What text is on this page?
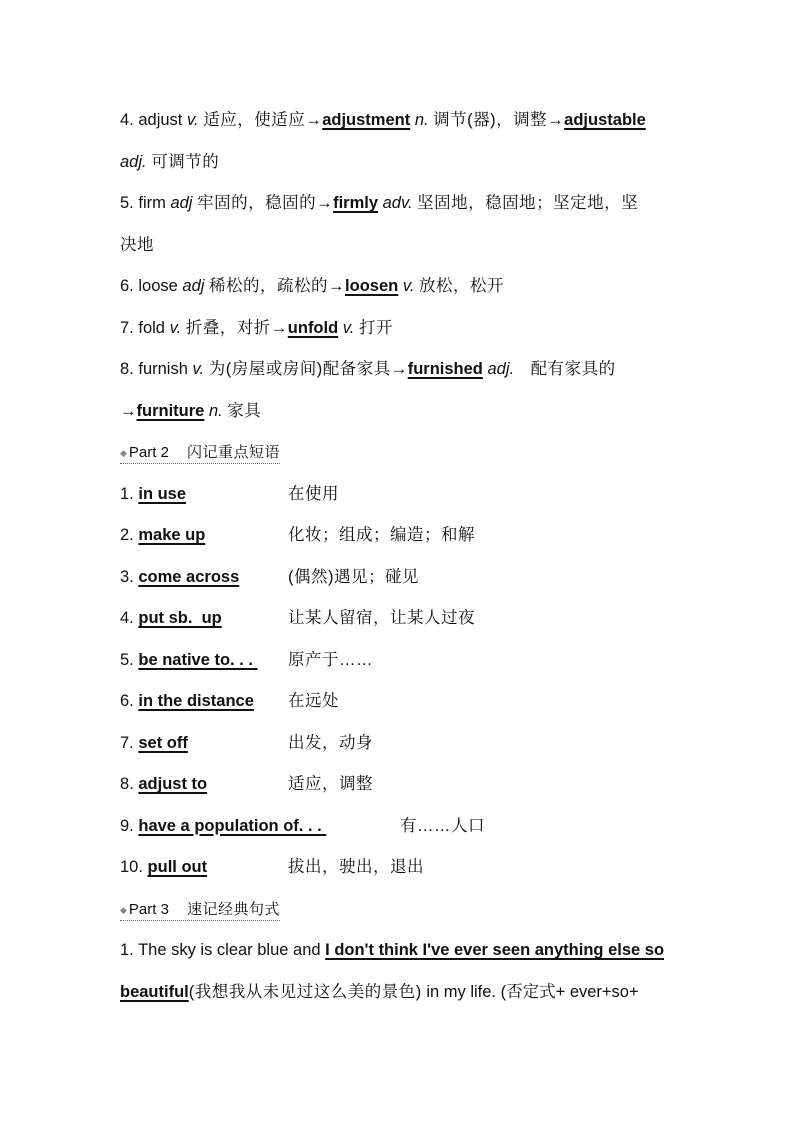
4. adjust v. 适应，使适应→adjustment n. 调节(器)，调整→adjustable
adj. 可调节的
5. firm adj 牢固的，稳固的→firmly adv. 坚固地，稳固地；坚定地，坚
决地
6. loose adj 稀松的，疏松的→loosen v. 放松，松开
7. fold v. 折叠，对折→unfold v. 打开
8. furnish v. 为(房屋或房间)配备家具→furnished adj. 配有家具的
→furniture n. 家具
◆ Part 2 闪记重点短语
1. in use	在使用
2. make up	化妆；组成；编造；和解
3. come across	(偶然)遇见；碰见
4. put sb.  up	让某人留宿，让某人过夜
5. be native to. . . 原产于……
6. in the distance 在远处
7. set off	出发，动身
8. adjust to	适应，调整
9. have a population of. . .	有……人口
10. pull out	拔出，驶出，退出
◆ Part 3 速记经典句式
1. The sky is clear blue and I don't think I've ever seen anything else so
beautiful(我想我从未见过这么美的景色) in my life. (否定式+ ever+so+
